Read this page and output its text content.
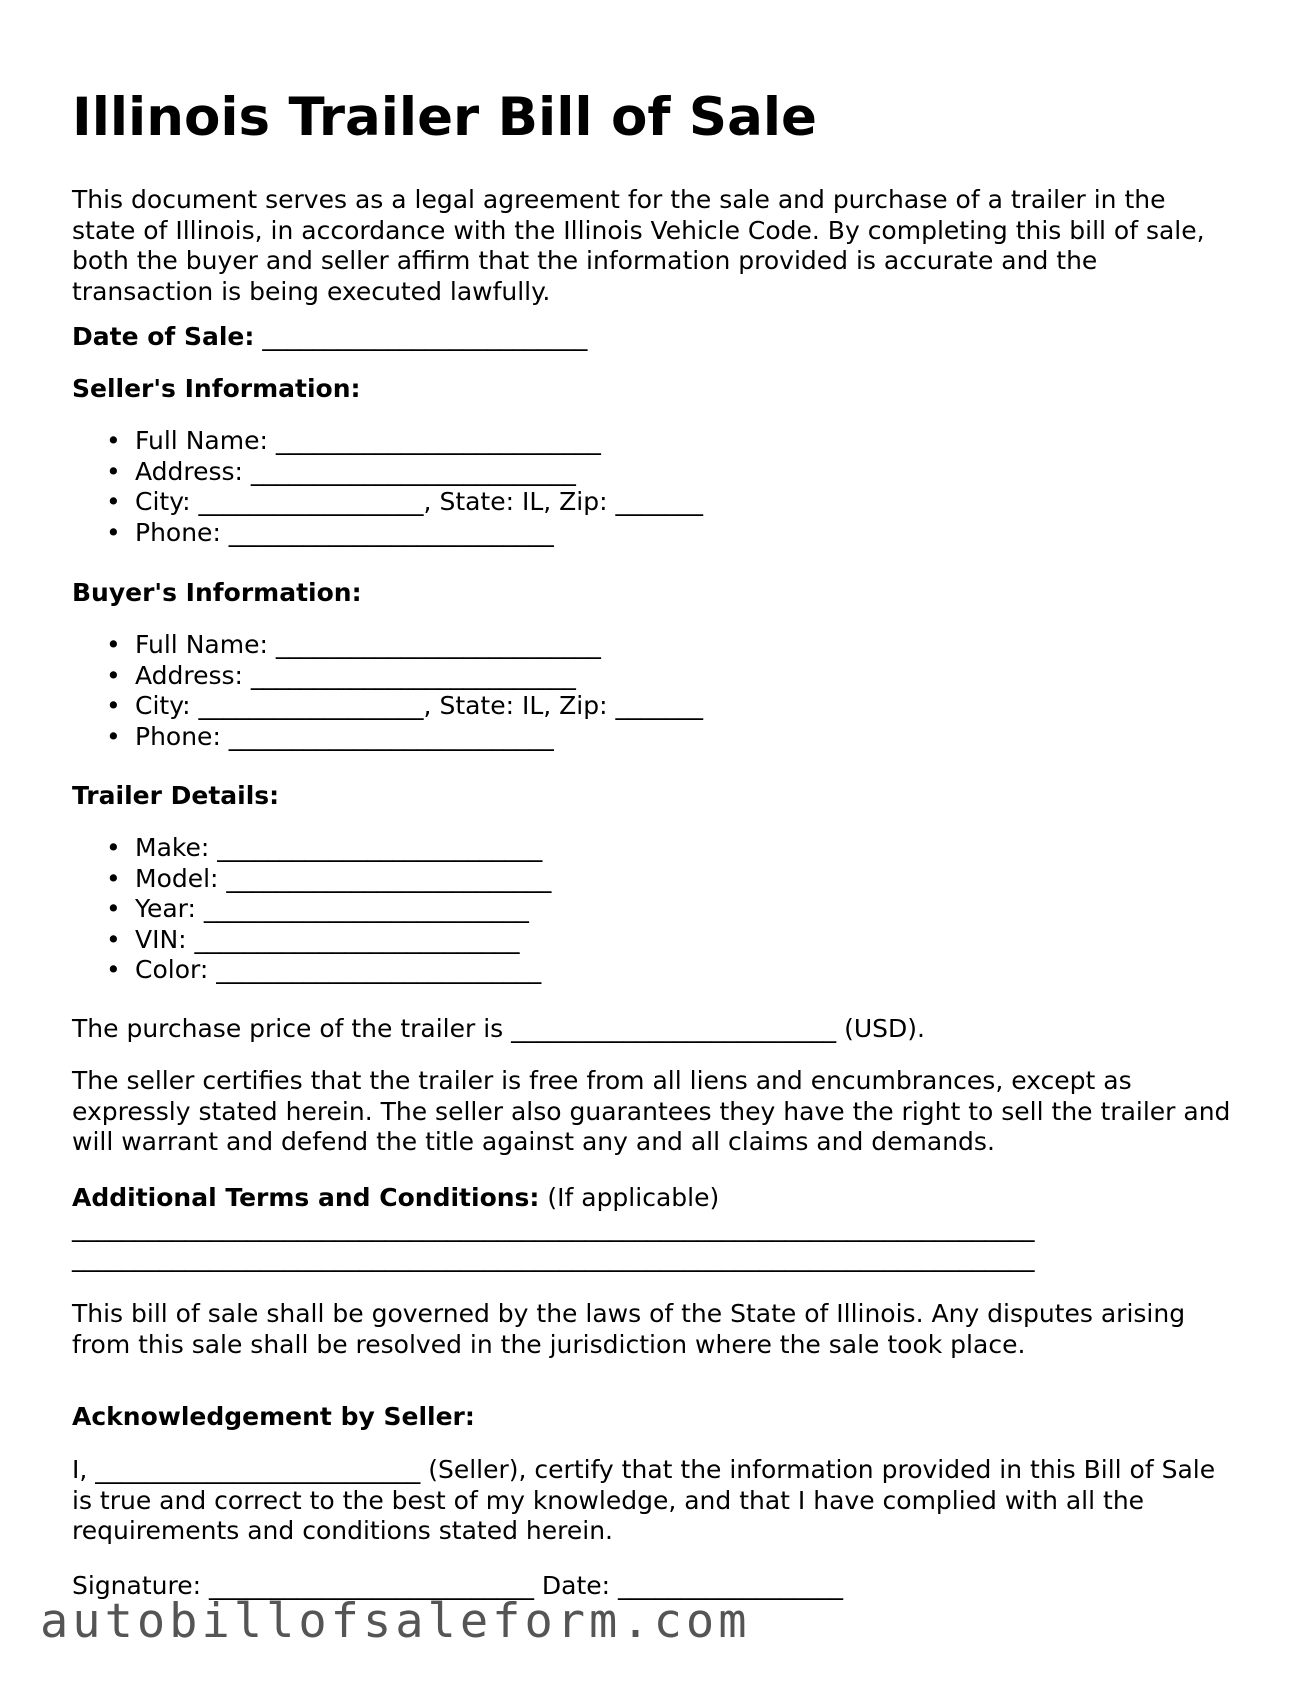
Illinois Trailer Bill of Sale

This document serves as a legal agreement for the sale and purchase of a trailer in the state of Illinois, in accordance with the Illinois Vehicle Code. By completing this bill of sale, both the buyer and seller affirm that the information provided is accurate and the transaction is being executed lawfully.

Date of Sale: __________________________
Seller's Information:
• Full Name: __________________________
• Address: __________________________
• City: __________________, State: IL, Zip: _______
• Phone: __________________________
Buyer's Information:
• Full Name: __________________________
• Address: __________________________
• City: __________________, State: IL, Zip: _______
• Phone: __________________________
Trailer Details:
• Make: __________________________
• Model: __________________________
• Year: __________________________
• VIN: __________________________
• Color: __________________________
The purchase price of the trailer is __________________________ (USD).

The seller certifies that the trailer is free from all liens and encumbrances, except as expressly stated herein. The seller also guarantees they have the right to sell the trailer and will warrant and defend the title against any and all claims and demands.

Additional Terms and Conditions: (If applicable)
_____________________________________________________________________________
_____________________________________________________________________________

This bill of sale shall be governed by the laws of the State of Illinois. Any disputes arising from this sale shall be resolved in the jurisdiction where the sale took place.

Acknowledgement by Seller:

I, __________________________ (Seller), certify that the information provided in this Bill of Sale is true and correct to the best of my knowledge, and that I have complied with all the requirements and conditions stated herein.

Signature: __________________________ Date: __________________
autobillofsaleform.com
